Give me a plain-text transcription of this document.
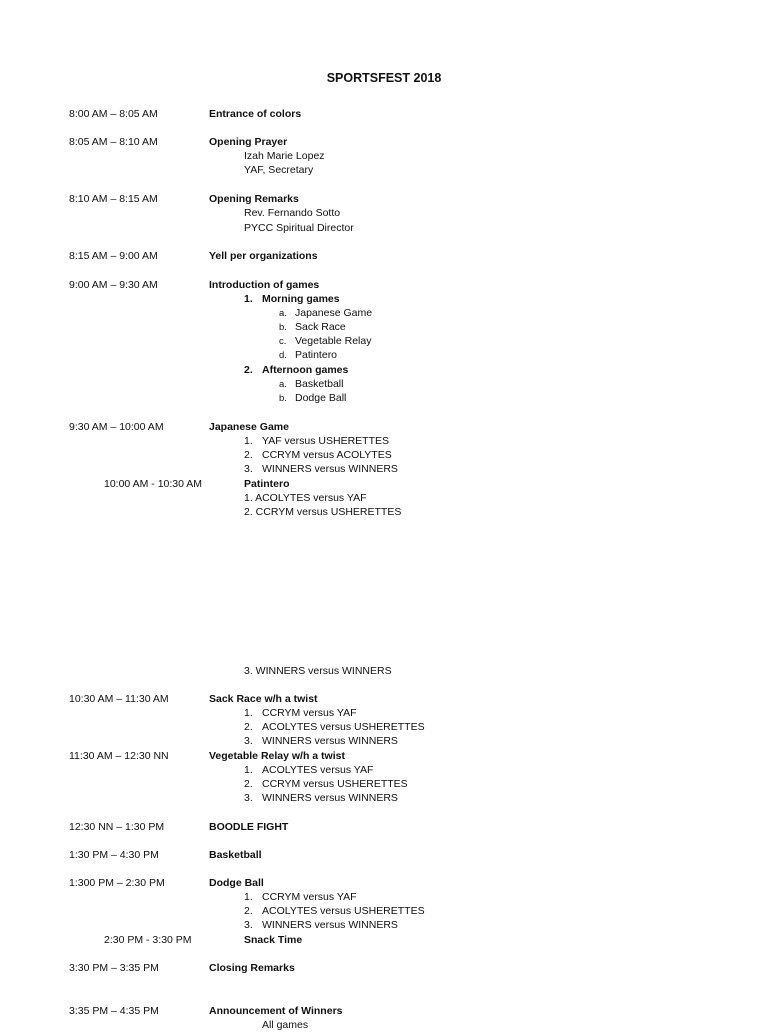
SPORTSFEST 2018
8:00 AM – 8:05 AM	Entrance of colors
8:05 AM – 8:10 AM	Opening Prayer
Izah Marie Lopez
YAF, Secretary
8:10 AM – 8:15 AM	Opening Remarks
Rev. Fernando Sotto
PYCC Spiritual Director
8:15 AM – 9:00 AM	Yell per organizations
9:00 AM – 9:30 AM	Introduction of games
1. Morning games
a. Japanese Game
b. Sack Race
c. Vegetable Relay
d. Patintero
2. Afternoon games
a. Basketball
b. Dodge Ball
9:30 AM – 10:00 AM	Japanese Game
1. YAF versus USHERETTES
2. CCRYM versus ACOLYTES
3. WINNERS versus WINNERS
10:00 AM - 10:30 AM	Patintero
1. ACOLYTES versus YAF
2. CCRYM versus USHERETTES
3. WINNERS versus WINNERS
10:30 AM – 11:30 AM	Sack Race w/h a twist
1. CCRYM versus YAF
2. ACOLYTES versus USHERETTES
3. WINNERS versus WINNERS
11:30 AM – 12:30 NN	Vegetable Relay w/h a twist
1. ACOLYTES versus YAF
2. CCRYM versus USHERETTES
3. WINNERS versus WINNERS
12:30 NN – 1:30 PM	BOODLE FIGHT
1:30 PM – 4:30 PM	Basketball
1:300 PM – 2:30 PM	Dodge Ball
1. CCRYM versus YAF
2. ACOLYTES versus USHERETTES
3. WINNERS versus WINNERS
2:30 PM - 3:30 PM	Snack Time
3:30 PM – 3:35 PM	Closing Remarks
3:35 PM – 4:35 PM	Announcement of Winners
All games
